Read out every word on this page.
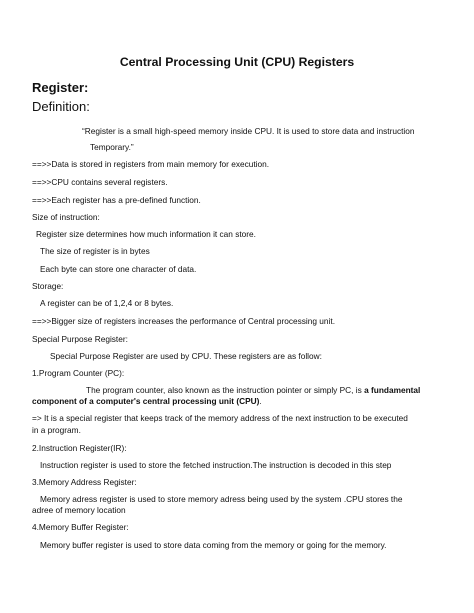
Central Processing Unit (CPU) Registers
Register:
Definition:
“Register is a small high-speed memory inside CPU. It is used to store data and instruction
Temporary.”
==>>Data is stored in registers from main memory for execution.
==>>CPU contains several registers.
==>>Each register has a pre-defined function.
Size of instruction:
Register size determines how much information it can store.
The size of register is in bytes
Each byte can store one character of data.
Storage:
A register can be of 1,2,4 or 8 bytes.
==>>Bigger size of registers increases the performance of Central processing unit.
Special Purpose Register:
Special Purpose Register are used by CPU. These registers are as follow:
1.Program Counter (PC):
The program counter, also known as the instruction pointer or simply PC, is a fundamental
component of a computer's central processing unit (CPU).
=> It is a special register that keeps track of the memory address of the next instruction to be executed
in a program.
2.Instruction Register(IR):
Instruction register is used to store the fetched instruction.The instruction is decoded in this step
3.Memory Address Register:
Memory adress register is used to store memory adress being used by the system .CPU stores the
adree of memory location
4.Memory Buffer Register:
Memory buffer register is used to store data coming from the memory or going for the memory.
